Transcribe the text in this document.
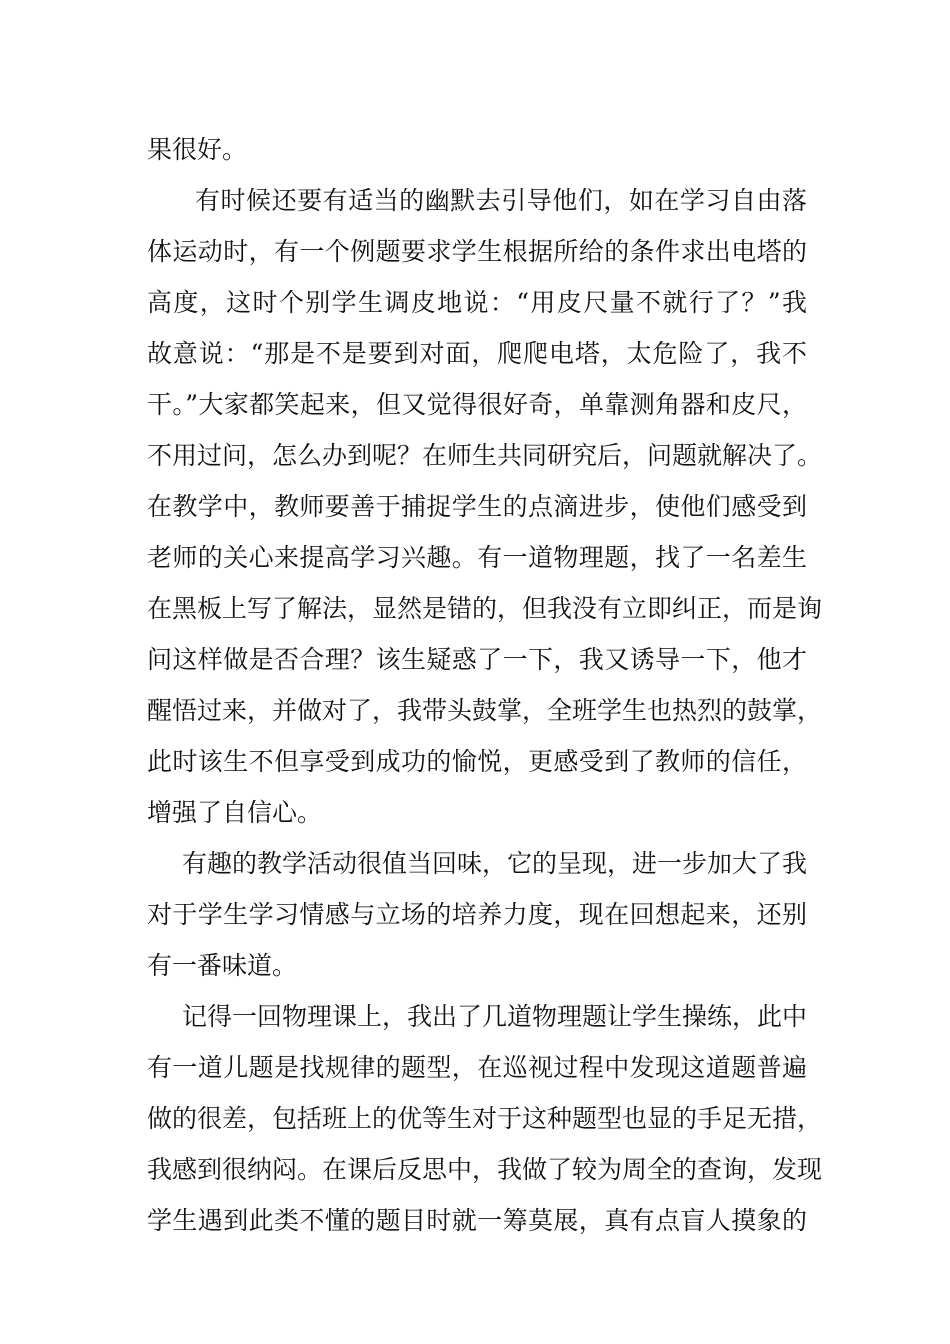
果很好。
有时候还要有适当的幽默去引导他们，如在学习自由落
体运动时，有一个例题要求学生根据所给的条件求出电塔的
高度，这时个别学生调皮地说：“用皮尺量不就行了？”我
故意说：“那是不是要到对面，爬爬电塔，太危险了，我不
干。”大家都笑起来，但又觉得很好奇，单靠测角器和皮尺，
不用过问，怎么办到呢？在师生共同研究后，问题就解决了。
在教学中，教师要善于捕捉学生的点滴进步，使他们感受到
老师的关心来提高学习兴趣。有一道物理题，找了一名差生
在黑板上写了解法，显然是错的，但我没有立即纠正，而是询
问这样做是否合理？该生疑惑了一下，我又诱导一下，他才
醒悟过来，并做对了，我带头鼓掌，全班学生也热烈的鼓掌，
此时该生不但享受到成功的愉悦，更感受到了教师的信任，
增强了自信心。
有趣的教学活动很值当回味，它的呈现，进一步加大了我
对于学生学习情感与立场的培养力度，现在回想起来，还别
有一番味道。
记得一回物理课上，我出了几道物理题让学生操练，此中
有一道儿题是找规律的题型，在巡视过程中发现这道题普遍
做的很差，包括班上的优等生对于这种题型也显的手足无措，
我感到很纳闷。在课后反思中，我做了较为周全的查询，发现
学生遇到此类不懂的题目时就一筹莫展，真有点盲人摸象的
